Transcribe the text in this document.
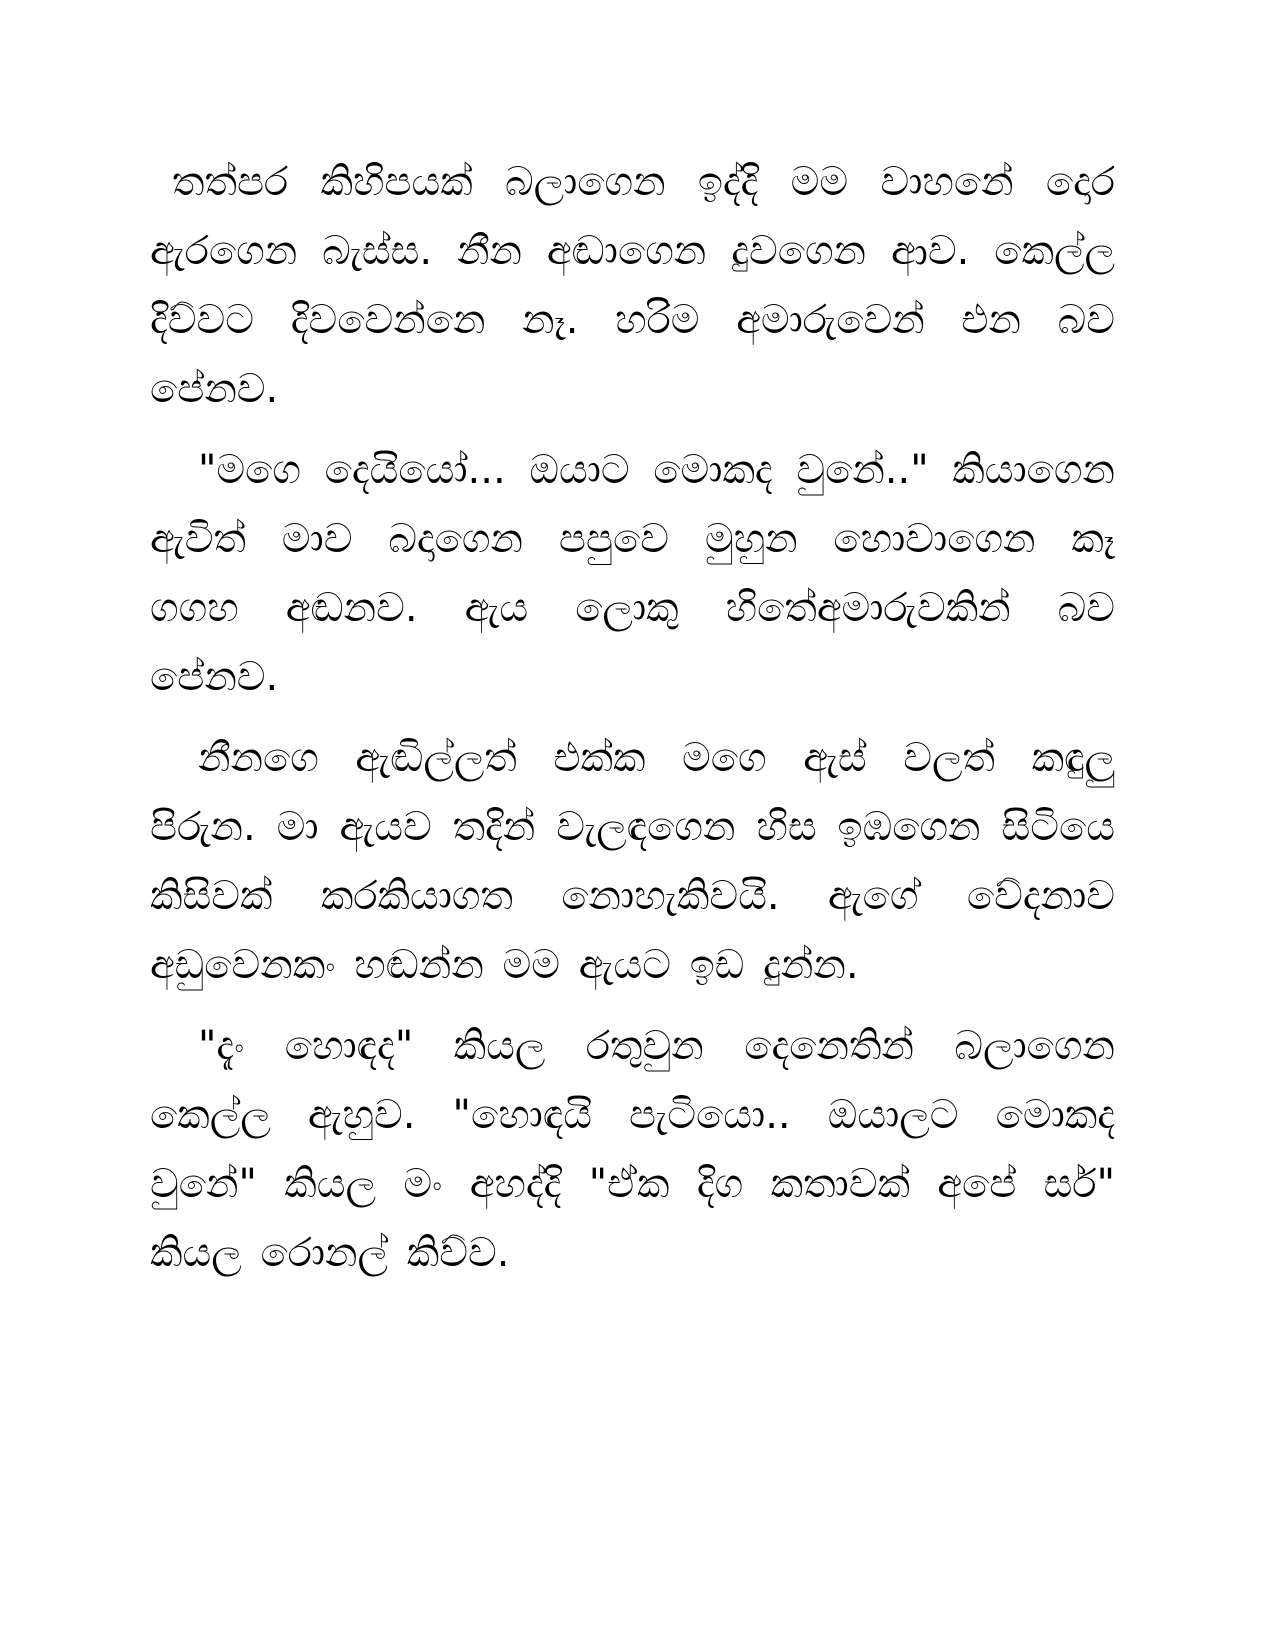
තත්පර කිහිපයක් බලාගෙන ඉද්දි මම වාහනේ දොර ඇරගෙන බැස්ස. නීන අඬාගෙන දුවගෙන ආව. කෙල්ල දිව්වට දිවවෙන්නෙ නෑ. හරිම අමාරුවෙන් එන බව පේනව.

"මගෙ දෙයියෝ... ඔයාට මොකද වුනේ.." කියාගෙන ඇවිත් මාව බදාගෙන පපුවෙ මුහුන හොවාගෙන කෑ ගගහ අඬනව. ඇය ලොකු හිතේඅමාරුවකින් බව පේනව.

නීනගෙ ඇඬිල්ලත් එක්ක මගෙ ඇස් වලත් කඳුලු පිරුන. මා ඇයව තදින් වැලඳගෙන හිස ඉඹගෙන සිටියෙ කිසිවක් කරකියාගත නොහැකිවයි. ඇගේ වේදනාව අඩුවෙනකං හඬන්න මම ඇයට ඉඩ දුන්න.

"දැං හොඳද" කියල රතුවුන දෙනෙතින් බලාගෙන කෙල්ල ඇහුව. "හොඳයි පැටියො.. ඔයාලට මොකද වුනේ" කියල මං අහද්දි "ඒක දිග කතාවක් අපේ සර්" කියල රොනල් කිව්ව.
